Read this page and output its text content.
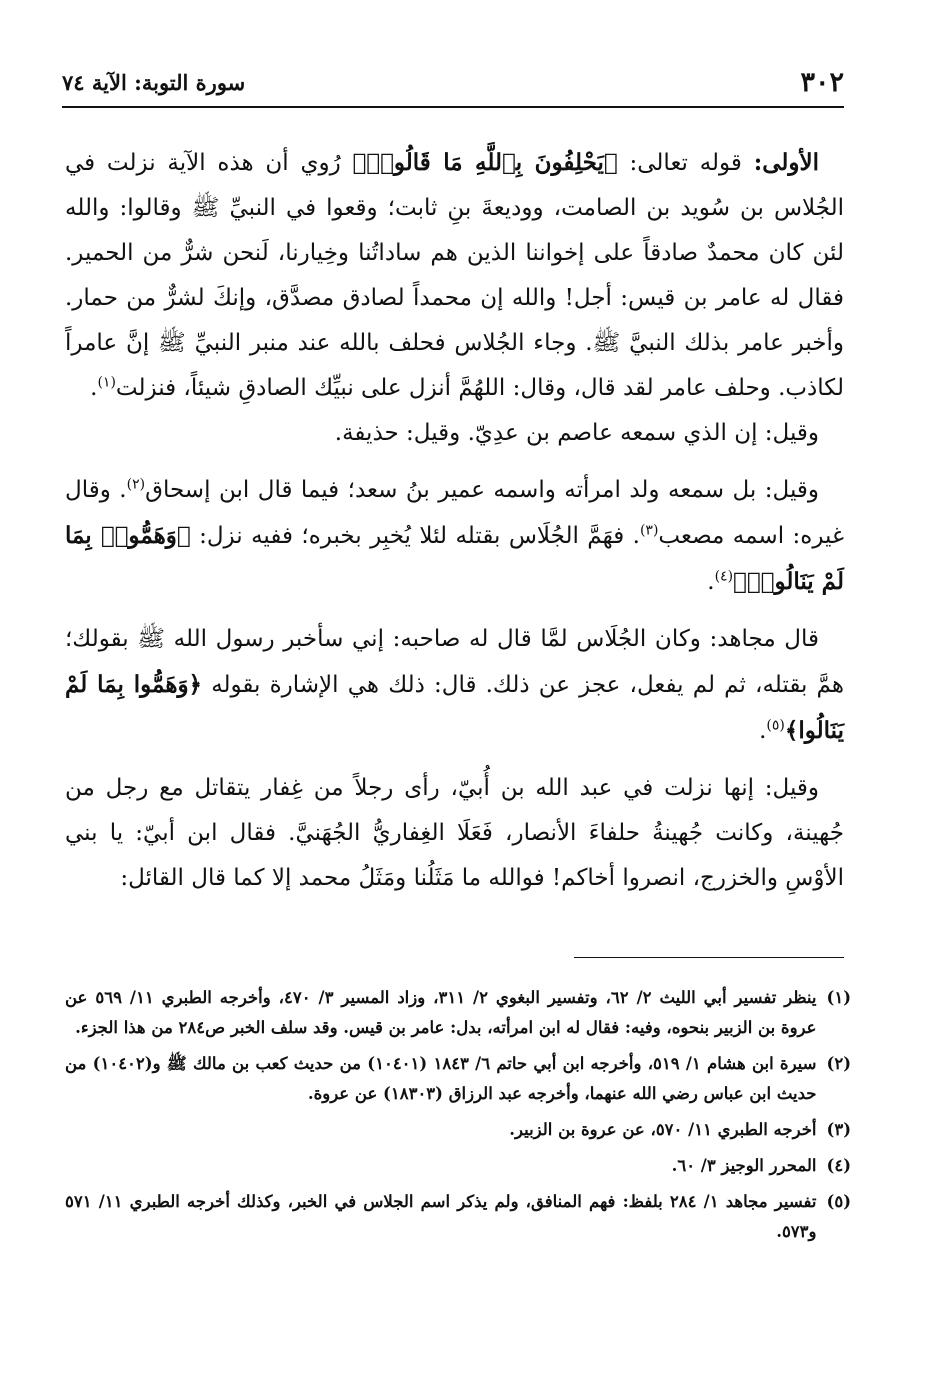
٣٠٢
سورة التوبة: الآية ٧٤

الأولى: قوله تعالى: ﴿يَحْلِفُونَ بِٱللَّهِ مَا قَالُوا۟﴾ رُوي أن هذه الآية نزلت في الجُلاس بن سُويد بن الصامت، ووديعةَ بنِ ثابت؛ وقعوا في النبيِّ ﷺ وقالوا: والله لئن كان محمدٌ صادقاً على إخواننا الذين هم ساداتُنا وخِيارنا، لَنحن شرٌّ من الحمير. فقال له عامر بن قيس: أجل! والله إن محمداً لصادق مصدَّق، وإنكَ لشرٌّ من حمار. وأخبر عامر بذلك النبيَّ ﷺ. وجاء الجُلاس فحلف بالله عند منبر النبيِّ ﷺ إنَّ عامراً لكاذب. وحلف عامر لقد قال، وقال: اللهُمَّ أنزل على نبيِّك الصادقِ شيئاً، فنزلت$^{(١)}$.

وقيل: إن الذي سمعه عاصم بن عدِيّ. وقيل: حذيفة.

وقيل: بل سمعه ولد امرأته واسمه عمير بنُ سعد؛ فيما قال ابن إسحاق$^{(٢)}$. وقال غيره: اسمه مصعب$^{(٣)}$. فهَمَّ الجُلَاس بقتله لئلا يُخبِر بخبره؛ ففيه نزل: ﴿وَهَمُّوا۟ بِمَا لَمْ يَنَالُوا۟﴾$^{(٤)}$.

قال مجاهد: وكان الجُلَاس لمَّا قال له صاحبه: إني سأخبر رسول الله ﷺ بقولك؛ همَّ بقتله، ثم لم يفعل، عجز عن ذلك. قال: ذلك هي الإشارة بقوله ﴿وَهَمُّوا بِمَا لَمْ يَنَالُوا﴾$^{(٥)}$.

وقيل: إنها نزلت في عبد الله بن أُبيّ، رأى رجلاً من غِفار يتقاتل مع رجل من جُهينة، وكانت جُهينةُ حلفاءَ الأنصار، فَعَلَا الغِفاريُّ الجُهَنيَّ. فقال ابن أبيّ: يا بني الأوْسِ والخزرج، انصروا أخاكم! فوالله ما مَثَلُنا ومَثَلُ محمد إلا كما قال القائل:

(١)
ينظر تفسير أبي الليث ٢/ ٦٢، وتفسير البغوي ٢/ ٣١١، وزاد المسير ٣/ ٤٧٠، وأخرجه الطبري ١١/ ٥٦٩ عن عروة بن الزبير بنحوه، وفيه: فقال له ابن امرأته، بدل: عامر بن قيس. وقد سلف الخبر ص٢٨٤ من هذا الجزء.
(٢)
سيرة ابن هشام ١/ ٥١٩، وأخرجه ابن أبي حاتم ٦/ ١٨٤٣ (١٠٤٠١) من حديث كعب بن مالك ﷺ و(١٠٤٠٢) من حديث ابن عباس رضي الله عنهما، وأخرجه عبد الرزاق (١٨٣٠٣) عن عروة.
(٣)
أخرجه الطبري ١١/ ٥٧٠، عن عروة بن الزبير.
(٤)
المحرر الوجيز ٣/ ٦٠.
(٥)
تفسير مجاهد ١/ ٢٨٤ بلفظ: فهم المنافق، ولم يذكر اسم الجلاس في الخبر، وكذلك أخرجه الطبري ١١/ ٥٧١ و٥٧٣.
